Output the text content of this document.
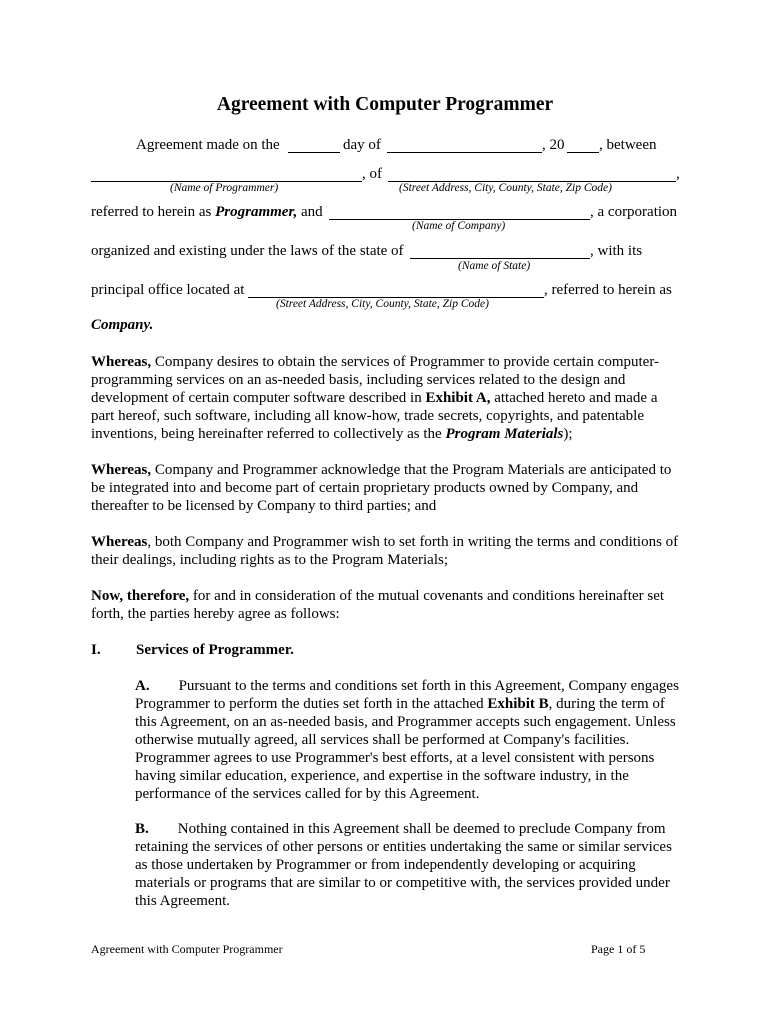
Agreement with Computer Programmer
Agreement made on the	day of	, 20 , between
, of	,
(Name of Programmer)	(Street Address, City, County, State, Zip Code)
referred to herein as Programmer, and	, a corporation
(Name of Company)
organized and existing under the laws of the state of	, with its
(Name of State)
principal office located at	, referred to herein as
(Street Address, City, County, State, Zip Code)
Company.

Whereas, Company desires to obtain the services of Programmer to provide certain computer-programming services on an as-needed basis, including services related to the design and development of certain computer software described in Exhibit A, attached hereto and made a part hereof, such software, including all know-how, trade secrets, copyrights, and patentable inventions, being hereinafter referred to collectively as the Program Materials);

Whereas, Company and Programmer acknowledge that the Program Materials are anticipated to be integrated into and become part of certain proprietary products owned by Company, and thereafter to be licensed by Company to third parties; and

Whereas, both Company and Programmer wish to set forth in writing the terms and conditions of their dealings, including rights as to the Program Materials;

Now, therefore, for and in consideration of the mutual covenants and conditions hereinafter set forth, the parties hereby agree as follows:

I. Services of Programmer.

A. Pursuant to the terms and conditions set forth in this Agreement, Company engages Programmer to perform the duties set forth in the attached Exhibit B, during the term of this Agreement, on an as-needed basis, and Programmer accepts such engagement. Unless otherwise mutually agreed, all services shall be performed at Company's facilities. Programmer agrees to use Programmer's best efforts, at a level consistent with persons having similar education, experience, and expertise in the software industry, in the performance of the services called for by this Agreement.

B. Nothing contained in this Agreement shall be deemed to preclude Company from retaining the services of other persons or entities undertaking the same or similar services as those undertaken by Programmer or from independently developing or acquiring materials or programs that are similar to or competitive with, the services provided under this Agreement.

Agreement with Computer Programmer	Page 1 of 5
